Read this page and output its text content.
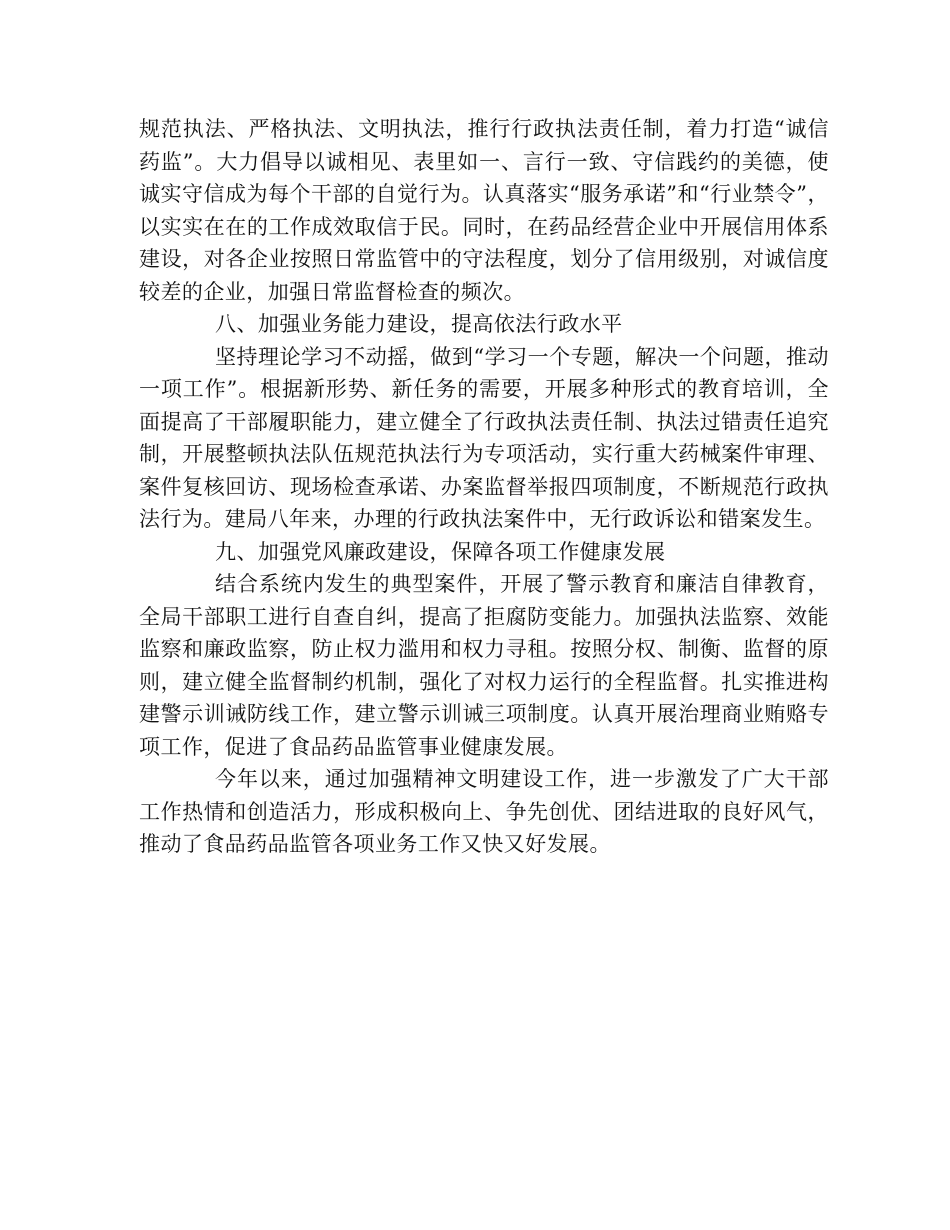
规范执法、严格执法、文明执法，推行行政执法责任制，着力打造“诚信药监”。大力倡导以诚相见、表里如一、言行一致、守信践约的美德，使诚实守信成为每个干部的自觉行为。认真落实“服务承诺”和“行业禁令”，以实实在在的工作成效取信于民。同时，在药品经营企业中开展信用体系建设，对各企业按照日常监管中的守法程度，划分了信用级别，对诚信度较差的企业，加强日常监督检查的频次。

八、加强业务能力建设，提高依法行政水平

坚持理论学习不动摇，做到“学习一个专题，解决一个问题，推动一项工作”。根据新形势、新任务的需要，开展多种形式的教育培训，全面提高了干部履职能力，建立健全了行政执法责任制、执法过错责任追究制，开展整顿执法队伍规范执法行为专项活动，实行重大药械案件审理、案件复核回访、现场检查承诺、办案监督举报四项制度，不断规范行政执法行为。建局八年来，办理的行政执法案件中，无行政诉讼和错案发生。

九、加强党风廉政建设，保障各项工作健康发展

结合系统内发生的典型案件，开展了警示教育和廉洁自律教育，全局干部职工进行自查自纠，提高了拒腐防变能力。加强执法监察、效能监察和廉政监察，防止权力滥用和权力寻租。按照分权、制衡、监督的原则，建立健全监督制约机制，强化了对权力运行的全程监督。扎实推进构建警示训诫防线工作，建立警示训诫三项制度。认真开展治理商业贿赂专项工作，促进了食品药品监管事业健康发展。

今年以来，通过加强精神文明建设工作，进一步激发了广大干部工作热情和创造活力，形成积极向上、争先创优、团结进取的良好风气，推动了食品药品监管各项业务工作又快又好发展。
